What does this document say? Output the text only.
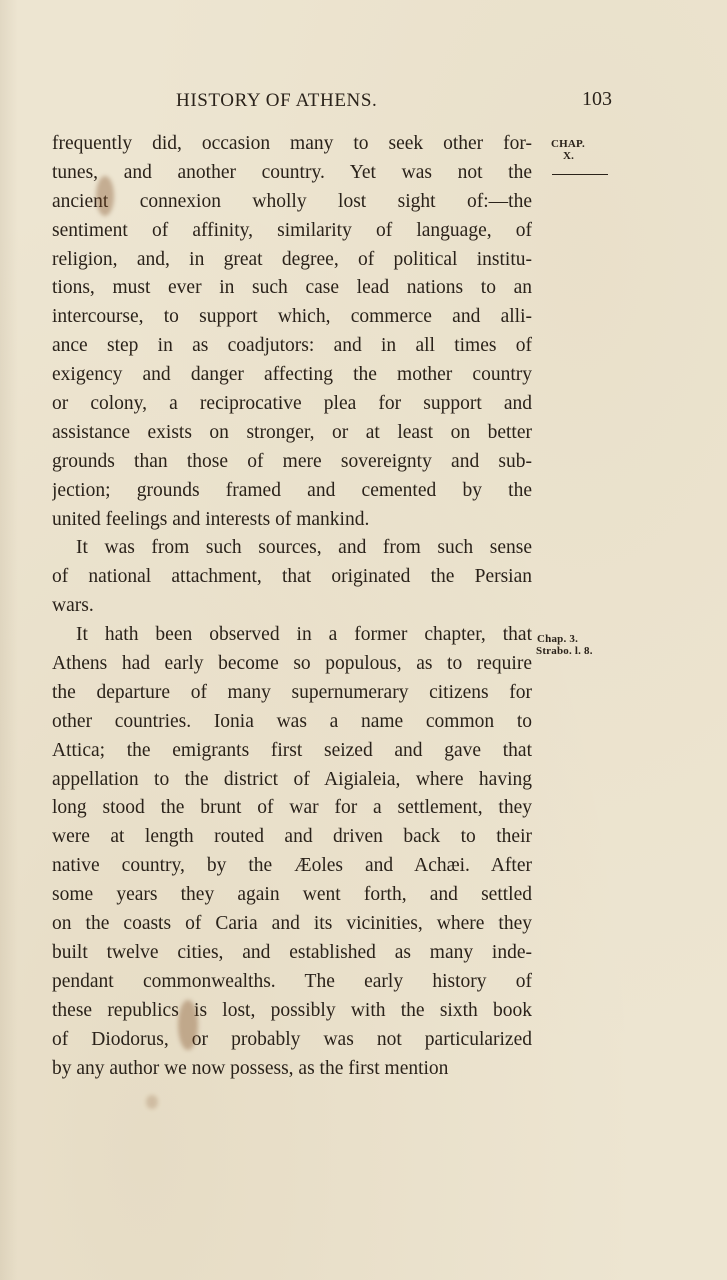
HISTORY OF ATHENS.	103
CHAP.
X.
Chap. 3.
Strabo. l. 8.
frequently did, occasion many to seek other for-
tunes, and another country. Yet was not the
ancient connexion wholly lost sight of:—the
sentiment of affinity, similarity of language, of
religion, and, in great degree, of political institu-
tions, must ever in such case lead nations to an
intercourse, to support which, commerce and alli-
ance step in as coadjutors: and in all times of
exigency and danger affecting the mother country
or colony, a reciprocative plea for support and
assistance exists on stronger, or at least on better
grounds than those of mere sovereignty and sub-
jection; grounds framed and cemented by the
united feelings and interests of mankind.
It was from such sources, and from such sense
of national attachment, that originated the Persian
wars.
It hath been observed in a former chapter, that
Athens had early become so populous, as to require
the departure of many supernumerary citizens for
other countries. Ionia was a name common to
Attica; the emigrants first seized and gave that
appellation to the district of Aigialeia, where having
long stood the brunt of war for a settlement, they
were at length routed and driven back to their
native country, by the Æoles and Achæi. After
some years they again went forth, and settled
on the coasts of Caria and its vicinities, where they
built twelve cities, and established as many inde-
pendant commonwealths. The early history of
these republics is lost, possibly with the sixth book
of Diodorus, or probably was not particularized
by any author we now possess, as the first mention
